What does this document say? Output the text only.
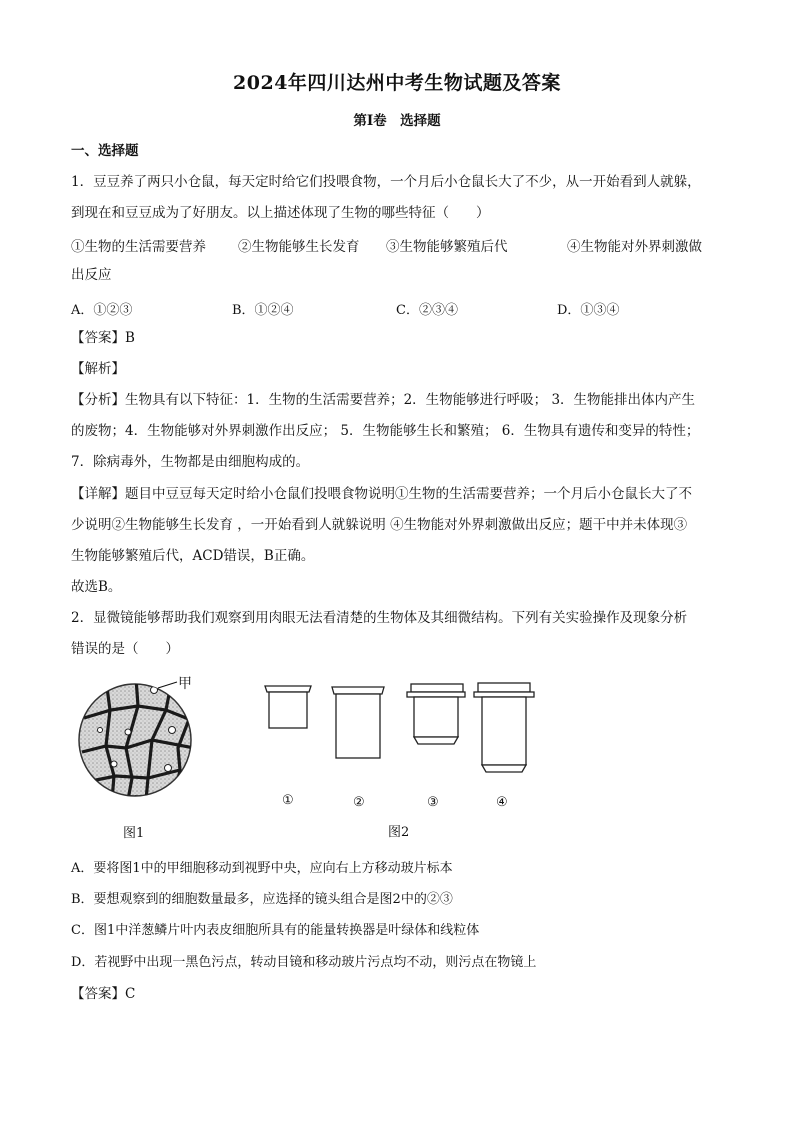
2024年四川达州中考生物试题及答案
第Ⅰ卷　选择题
一、选择题
1．豆豆养了两只小仓鼠，每天定时给它们投喂食物，一个月后小仓鼠长大了不少，从一开始看到人就躲，
到现在和豆豆成为了好朋友。以上描述体现了生物的哪些特征（　　）
①生物的生活需要营养 ②生物能够生长发育 ③生物能够繁殖后代	④生物能对外界刺激做
出反应
A．①②③	B．①②④	C．②③④	D．①③④
【答案】B
【解析】
【分析】生物具有以下特征：1．生物的生活需要营养；2．生物能够进行呼吸； 3．生物能排出体内产生
的废物；4．生物能够对外界刺激作出反应； 5．生物能够生长和繁殖； 6．生物具有遗传和变异的特性；
7．除病毒外，生物都是由细胞构成的。
【详解】题目中豆豆每天定时给小仓鼠们投喂食物说明①生物的生活需要营养；一个月后小仓鼠长大了不
少说明②生物能够生长发育 ，一开始看到人就躲说明 ④生物能对外界刺激做出反应；题干中并未体现③
生物能够繁殖后代，ACD错误，B正确。
故选B。
2．显微镜能够帮助我们观察到用肉眼无法看清楚的生物体及其细微结构。下列有关实验操作及现象分析
错误的是（　　）
甲
图1
①	②	③	④
图2
A．要将图1中的甲细胞移动到视野中央，应向右上方移动玻片标本
B．要想观察到的细胞数量最多，应选择的镜头组合是图2中的②③
C．图1中洋葱鳞片叶内表皮细胞所具有的能量转换器是叶绿体和线粒体
D．若视野中出现一黑色污点，转动目镜和移动玻片污点均不动，则污点在物镜上
【答案】C
